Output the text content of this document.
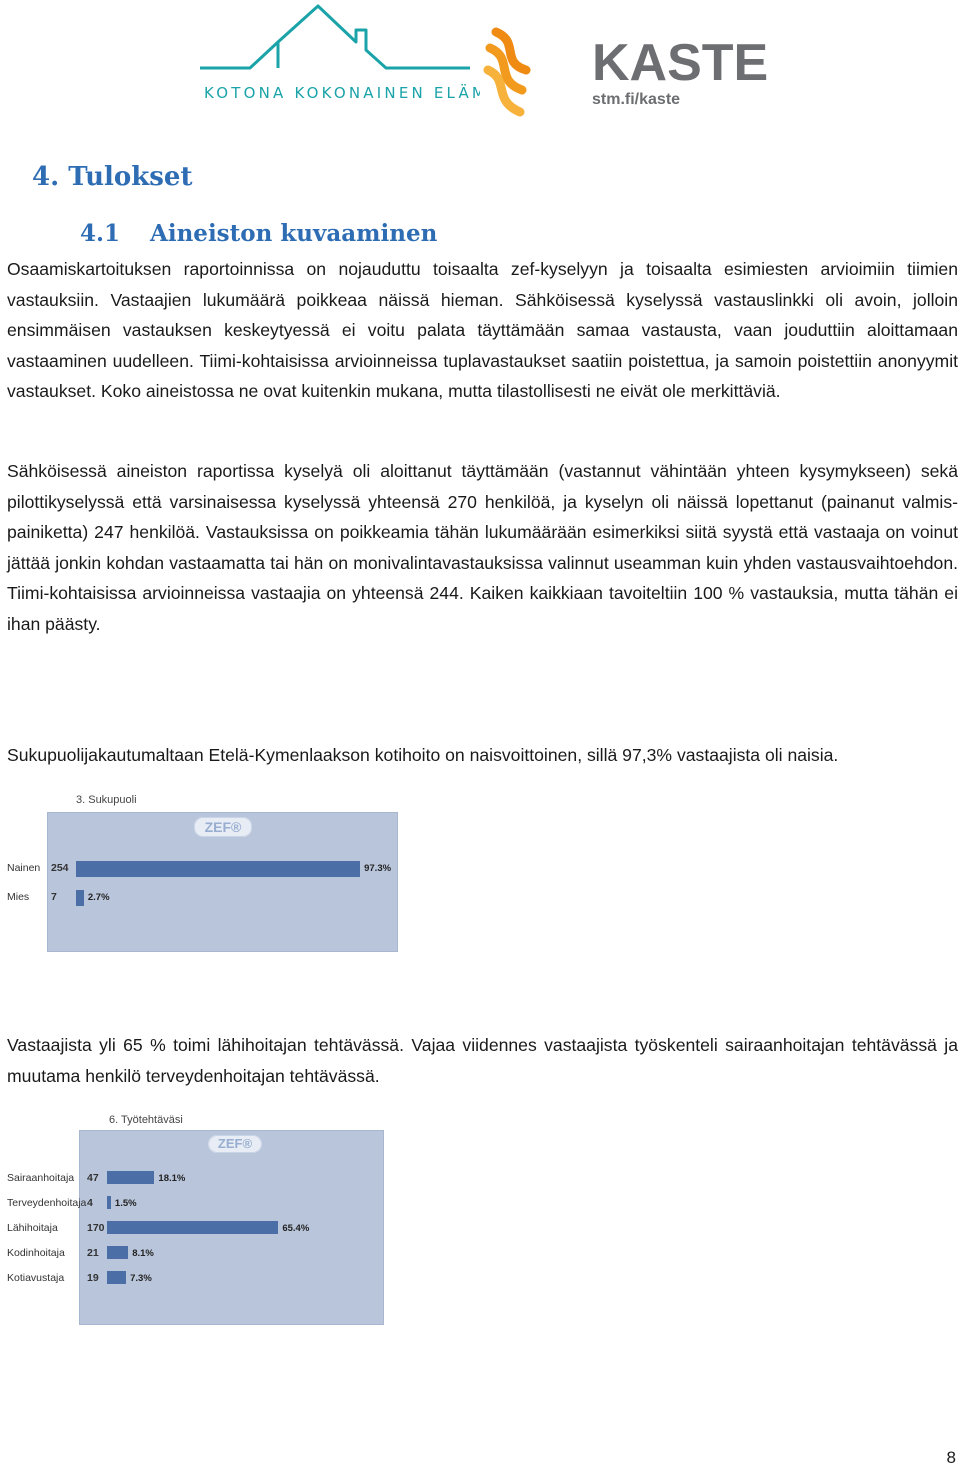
KOTONA KOKONAINEN ELÄMÄ
KASTE
stm.fi/kaste
4. Tulokset
4.1 Aineiston kuvaaminen

Osaamiskartoituksen raportoinnissa on nojauduttu toisaalta zef-kyselyyn ja toisaalta esimiesten arvioimiin tiimien vastauksiin. Vastaajien lukumäärä poikkeaa näissä hieman. Sähköisessä kyselyssä vastauslinkki oli avoin, jolloin ensimmäisen vastauksen keskeytyessä ei voitu palata täyttämään samaa vastausta, vaan jouduttiin aloittamaan vastaaminen uudelleen. Tiimi-kohtaisissa arvioinneissa tuplavastaukset saatiin poistettua, ja samoin poistettiin anonyymit vastaukset. Koko aineistossa ne ovat kuitenkin mukana, mutta tilastollisesti ne eivät ole merkittäviä.

Sähköisessä aineiston raportissa kyselyä oli aloittanut täyttämään (vastannut vähintään yhteen kysymykseen) sekä pilottikyselyssä että varsinaisessa kyselyssä yhteensä 270 henkilöä, ja kyselyn oli näissä lopettanut (painanut valmis-painiketta) 247 henkilöä. Vastauksissa on poikkeamia tähän lukumäärään esimerkiksi siitä syystä että vastaaja on voinut jättää jonkin kohdan vastaamatta tai hän on monivalintavastauksissa valinnut useamman kuin yhden vastausvaihtoehdon. Tiimi-kohtaisissa arvioinneissa vastaajia on yhteensä 244. Kaiken kaikkiaan tavoiteltiin 100 % vastauksia, mutta tähän ei ihan päästy.

Sukupuolijakautumaltaan Etelä-Kymenlaakson kotihoito on naisvoittoinen, sillä 97,3% vastaajista oli naisia.

3. Sukupuoli
ZEF®
Nainen 254	97.3%
Mies 7	2.7%

Vastaajista yli 65 % toimi lähihoitajan tehtävässä. Vajaa viidennes vastaajista työskenteli sairaanhoitajan tehtävässä ja muutama henkilö terveydenhoitajan tehtävässä.

6. Työtehtäväsi
ZEF®
Sairaanhoitaja 47	18.1%
Terveydenhoitaja 4 1.5%
Lähihoitaja	170	65.4%
Kodinhoitaja 21	8.1%
Kotiavustaja 19	7.3%
8
